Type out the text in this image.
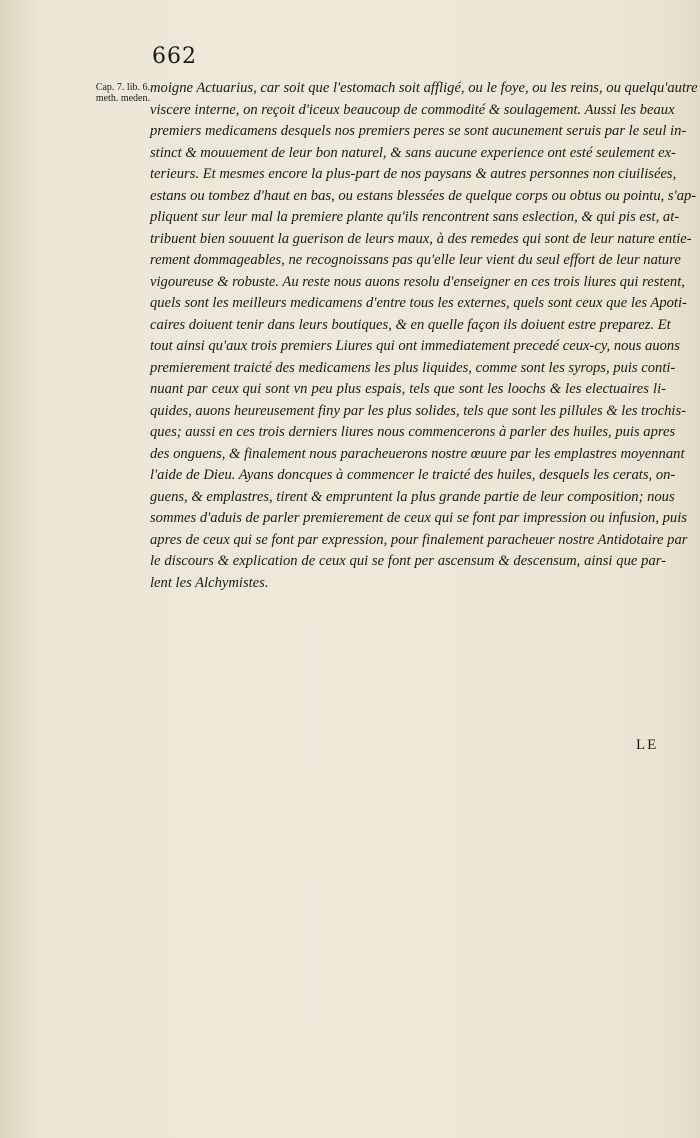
662
Cap. 7. lib. 6.
meth. meden.
moigne Actuarius, car soit que l'estomach soit affligé, ou le foye, ou les reins, ou quelqu'autre
viscere interne, on reçoit d'iceux beaucoup de commodité & soulagement. Aussi les beaux
premiers medicamens desquels nos premiers peres se sont aucunement seruis par le seul in-
stinct & mouuement de leur bon naturel, & sans aucune experience ont esté seulement ex-
terieurs. Et mesmes encore la plus-part de nos paysans & autres personnes non ciuilisées,
estans ou tombez d'haut en bas, ou estans blessées de quelque corps ou obtus ou pointu, s'ap-
pliquent sur leur mal la premiere plante qu'ils rencontrent sans eslection, & qui pis est, at-
tribuent bien souuent la guerison de leurs maux, à des remedes qui sont de leur nature entie-
rement dommageables, ne recognoissans pas qu'elle leur vient du seul effort de leur nature
vigoureuse & robuste. Au reste nous auons resolu d'enseigner en ces trois liures qui restent,
quels sont les meilleurs medicamens d'entre tous les externes, quels sont ceux que les Apoti-
caires doiuent tenir dans leurs boutiques, & en quelle façon ils doiuent estre preparez. Et
tout ainsi qu'aux trois premiers Liures qui ont immediatement precedé ceux-cy, nous auons
premierement traicté des medicamens les plus liquides, comme sont les syrops, puis conti-
nuant par ceux qui sont vn peu plus espais, tels que sont les loochs & les electuaires li-
quides, auons heureusement finy par les plus solides, tels que sont les pillules & les trochis-
ques; aussi en ces trois derniers liures nous commencerons à parler des huiles, puis apres
des onguens, & finalement nous paracheuerons nostre œuure par les emplastres moyennant
l'aide de Dieu. Ayans doncques à commencer le traicté des huiles, desquels les cerats, on-
guens, & emplastres, tirent & empruntent la plus grande partie de leur composition; nous
sommes d'aduis de parler premierement de ceux qui se font par impression ou infusion, puis
apres de ceux qui se font par expression, pour finalement paracheuer nostre Antidotaire par
le discours & explication de ceux qui se font per ascensum & descensum, ainsi que par-
lent les Alchymistes.
LE
